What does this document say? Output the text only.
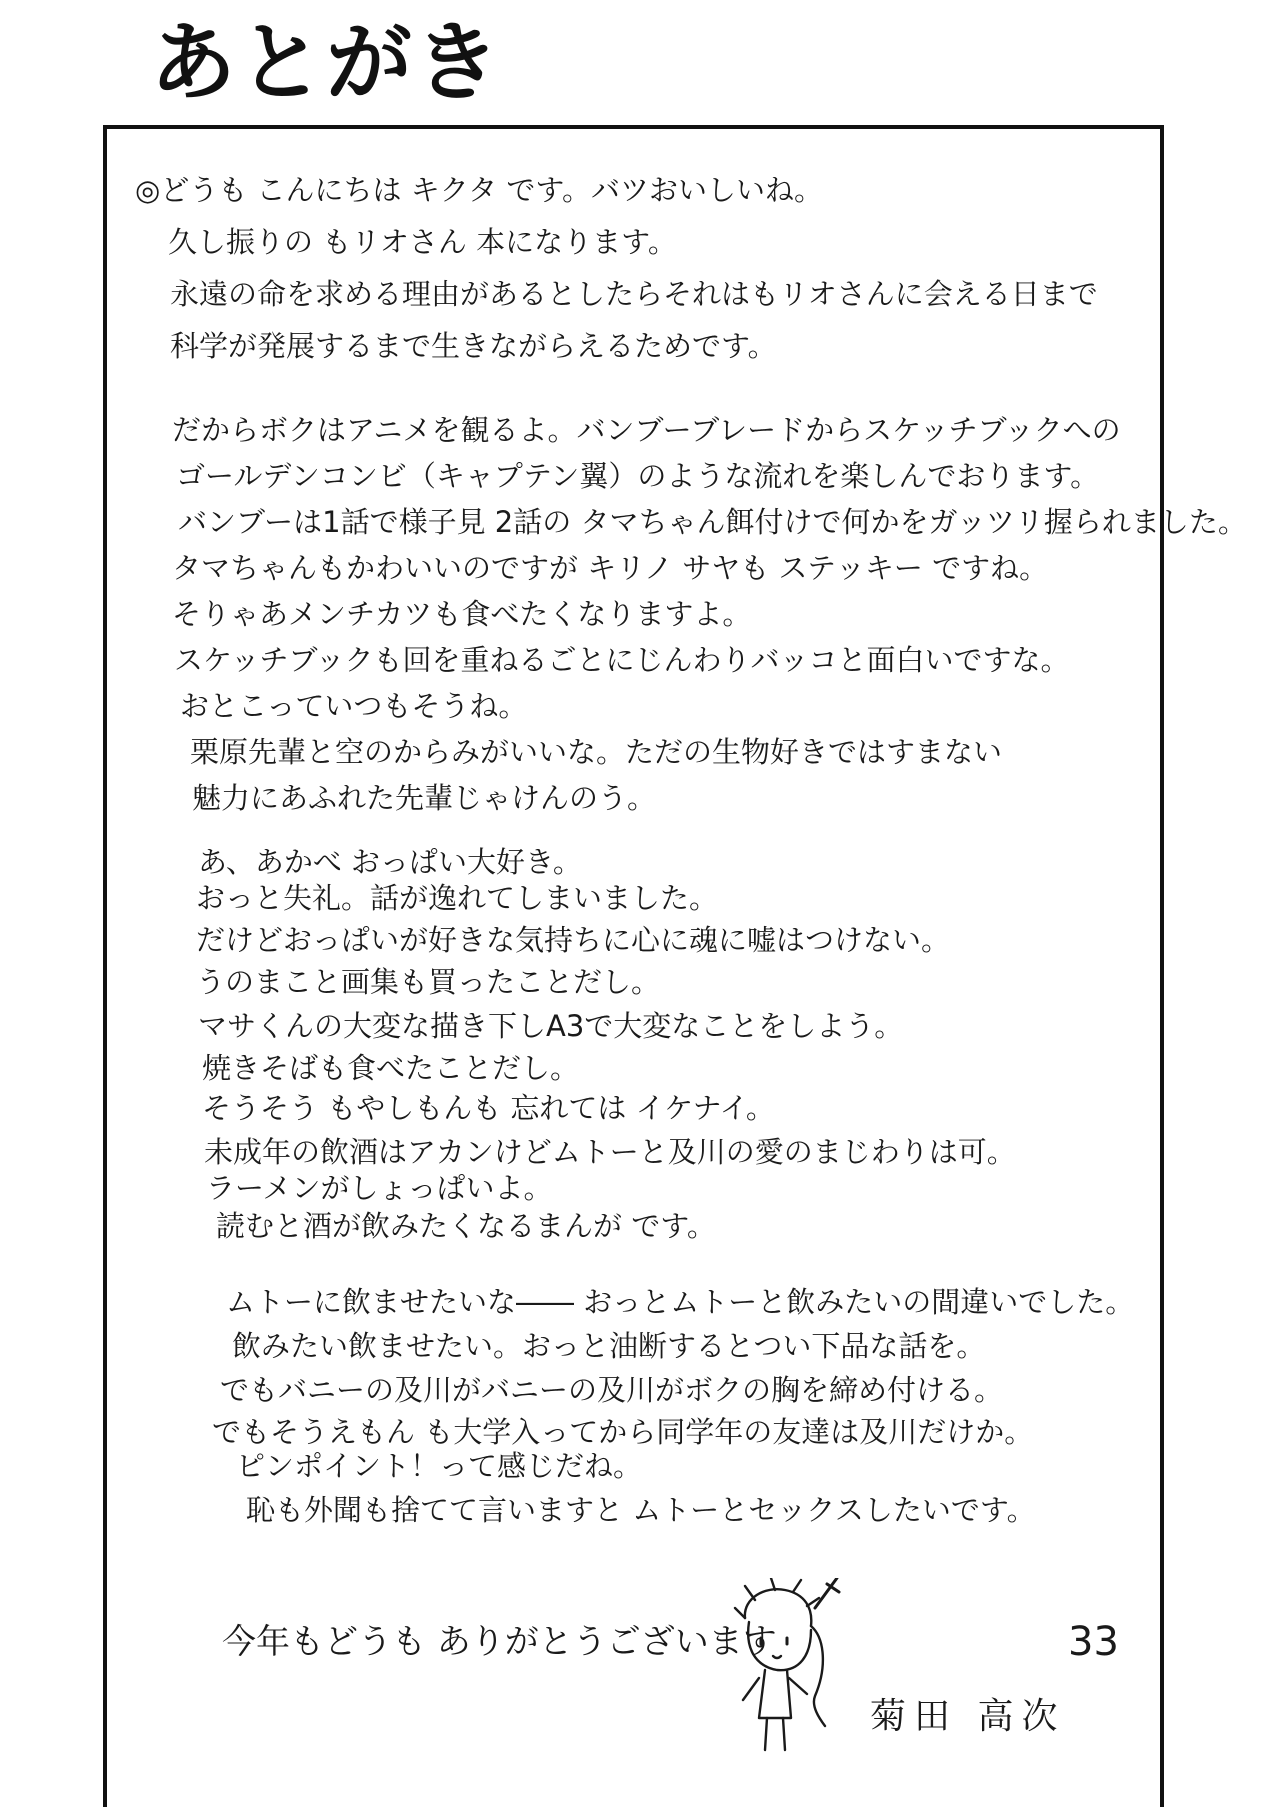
あとがき
◎どうも こんにちは キクタ です。バツおいしいね。
久し振りの もリオさん 本になります。
永遠の命を求める理由があるとしたらそれはもリオさんに会える日まで
科学が発展するまで生きながらえるためです。
だからボクはアニメを観るよ。バンブーブレードからスケッチブックへの
ゴールデンコンビ（キャプテン翼）のような流れを楽しんでおります。
バンブーは1話で様子見 2話の タマちゃん餌付けで何かをガッツリ握られました。
タマちゃんもかわいいのですが キリノ サヤも ステッキー ですね。
そりゃあメンチカツも食べたくなりますよ。
スケッチブックも回を重ねるごとにじんわりバッコと面白いですな。
おとこっていつもそうね。
栗原先輩と空のからみがいいな。ただの生物好きではすまない
魅力にあふれた先輩じゃけんのう。
あ、あかべ おっぱい大好き。
おっと失礼。話が逸れてしまいました。
だけどおっぱいが好きな気持ちに心に魂に嘘はつけない。
うのまこと画集も買ったことだし。
マサくんの大変な描き下しA3で大変なことをしよう。
焼きそばも食べたことだし。
そうそう もやしもんも 忘れては イケナイ。
未成年の飲酒はアカンけどムトーと及川の愛のまじわりは可。
ラーメンがしょっぱいよ。
読むと酒が飲みたくなるまんが です。
ムトーに飲ませたいな―― おっとムトーと飲みたいの間違いでした。
飲みたい飲ませたい。おっと油断するとつい下品な話を。
でもバニーの及川がバニーの及川がボクの胸を締め付ける。
でもそうえもん も大学入ってから同学年の友達は及川だけか。
ピンポイント！って感じだね。
恥も外聞も捨てて言いますと ムトーとセックスしたいです。
今年もどうも ありがとうございます	33
菊田 高次
